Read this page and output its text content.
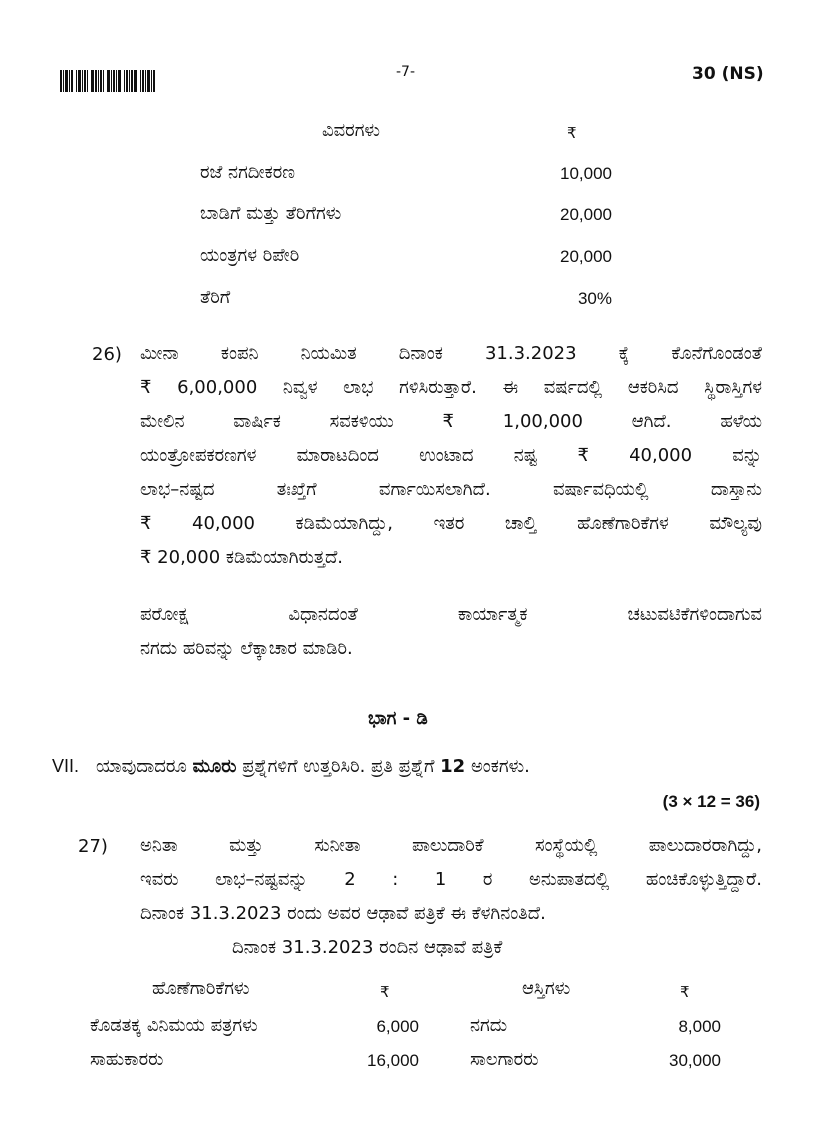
-7-	30 (NS)
ವಿವರಗಳು	₹
ರಜೆ ನಗದೀಕರಣ	10,000
ಬಾಡಿಗೆ ಮತ್ತು ತೆರಿಗೆಗಳು	20,000
ಯಂತ್ರಗಳ ರಿಪೇರಿ	20,000
ತೆರಿಗೆ	30%
26) ಮೀನಾ ಕಂಪನಿ ನಿಯಮಿತ ದಿನಾಂಕ 31.3.2023 ಕ್ಕೆ ಕೊನೆಗೊಂಡಂತೆ
₹ 6,00,000 ನಿವ್ವಳ ಲಾಭ ಗಳಿಸಿರುತ್ತಾರೆ. ಈ ವರ್ಷದಲ್ಲಿ ಆಕರಿಸಿದ ಸ್ಥಿರಾಸ್ತಿಗಳ
ಮೇಲಿನ ವಾರ್ಷಿಕ ಸವಕಳಿಯು ₹ 1,00,000 ಆಗಿದೆ. ಹಳೆಯ
ಯಂತ್ರೋಪಕರಣಗಳ ಮಾರಾಟದಿಂದ ಉಂಟಾದ ನಷ್ಟ ₹ 40,000 ವನ್ನು
ಲಾಭ–ನಷ್ಟದ ತಃಖ್ತೆಗೆ ವರ್ಗಾಯಿಸಲಾಗಿದೆ. ವರ್ಷಾವಧಿಯಲ್ಲಿ ದಾಸ್ತಾನು
₹ 40,000 ಕಡಿಮೆಯಾಗಿದ್ದು, ಇತರ ಚಾಲ್ತಿ ಹೊಣೆಗಾರಿಕೆಗಳ ಮೌಲ್ಯವು
₹ 20,000 ಕಡಿಮೆಯಾಗಿರುತ್ತದೆ.
ಪರೋಕ್ಷ ವಿಧಾನದಂತೆ ಕಾರ್ಯಾತ್ಮಕ ಚಟುವಟಿಕೆಗಳಿಂದಾಗುವ
ನಗದು ಹರಿವನ್ನು ಲೆಕ್ಕಾಚಾರ ಮಾಡಿರಿ.
ಭಾಗ - ಡಿ
VII. ಯಾವುದಾದರೂ ಮೂರು ಪ್ರಶ್ನೆಗಳಿಗೆ ಉತ್ತರಿಸಿರಿ. ಪ್ರತಿ ಪ್ರಶ್ನೆಗೆ 12 ಅಂಕಗಳು.
(3 × 12 = 36)
27) ಅನಿತಾ ಮತ್ತು ಸುನೀತಾ ಪಾಲುದಾರಿಕೆ ಸಂಸ್ಥೆಯಲ್ಲಿ ಪಾಲುದಾರರಾಗಿದ್ದು,
ಇವರು ಲಾಭ–ನಷ್ಟವನ್ನು 2 : 1 ರ ಅನುಪಾತದಲ್ಲಿ ಹಂಚಿಕೊಳ್ಳುತ್ತಿದ್ದಾರೆ.
ದಿನಾಂಕ 31.3.2023 ರಂದು ಅವರ ಆಢಾವೆ ಪತ್ರಿಕೆ ಈ ಕೆಳಗಿನಂತಿದೆ.
ದಿನಾಂಕ 31.3.2023 ರಂದಿನ ಆಢಾವೆ ಪತ್ರಿಕೆ
ಹೊಣೆಗಾರಿಕೆಗಳು	₹	ಆಸ್ತಿಗಳು	₹
ಕೊಡತಕ್ಕ ವಿನಿಮಯ ಪತ್ರಗಳು	6,000	ನಗದು	8,000
ಸಾಹುಕಾರರು	16,000	ಸಾಲಗಾರರು	30,000
